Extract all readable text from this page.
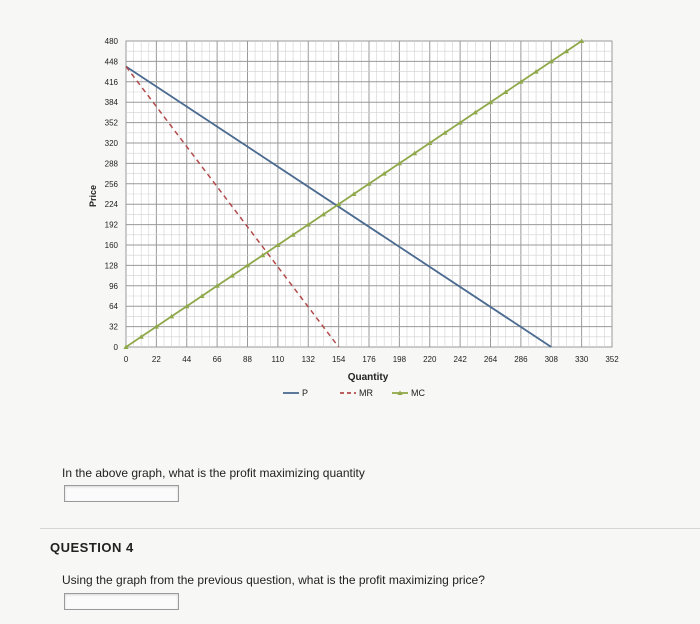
0
32
64
96
128
160
192
224
256
288
320
352
384
416
448
480
0	22	44	66	88 110 132 154 176 198 220 242 264 286 308 330 352
Price
Quantity
P	MR	MC
In the above graph, what is the profit maximizing quantity
QUESTION 4
Using the graph from the previous question, what is the profit maximizing price?
